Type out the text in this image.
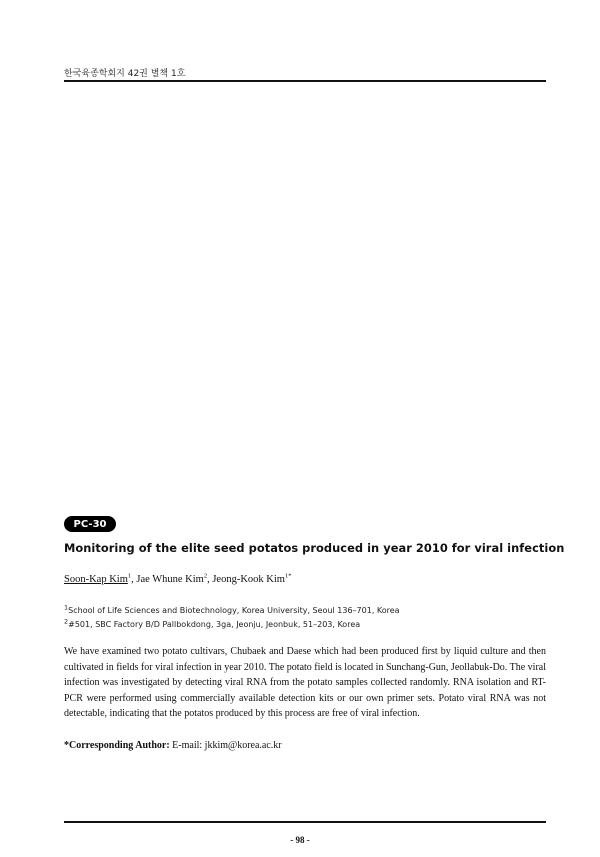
한국육종학회지 42권 별책 1호
PC-30
Monitoring of the elite seed potatos produced in year 2010 for viral infection
Soon-Kap Kim$^1$, Jae Whune Kim$^2$, Jeong-Kook Kim$^{1*}$
$^1$School of Life Sciences and Biotechnology, Korea University, Seoul 136–701, Korea
$^2$#501, SBC Factory B/D Pallbokdong, 3ga, Jeonju, Jeonbuk, 51–203, Korea

We have examined two potato cultivars, Chubaek and Daese which had been produced first by liquid culture and then cultivated in fields for viral infection in year 2010. The potato field is located in Sunchang-Gun, Jeollabuk-Do. The viral infection was investigated by detecting viral RNA from the potato samples collected randomly. RNA isolation and RT-PCR were performed using commercially available detection kits or our own primer sets. Potato viral RNA was not detectable, indicating that the potatos produced by this process are free of viral infection.

*Corresponding Author: E-mail: jkkim@korea.ac.kr
- 98 -
